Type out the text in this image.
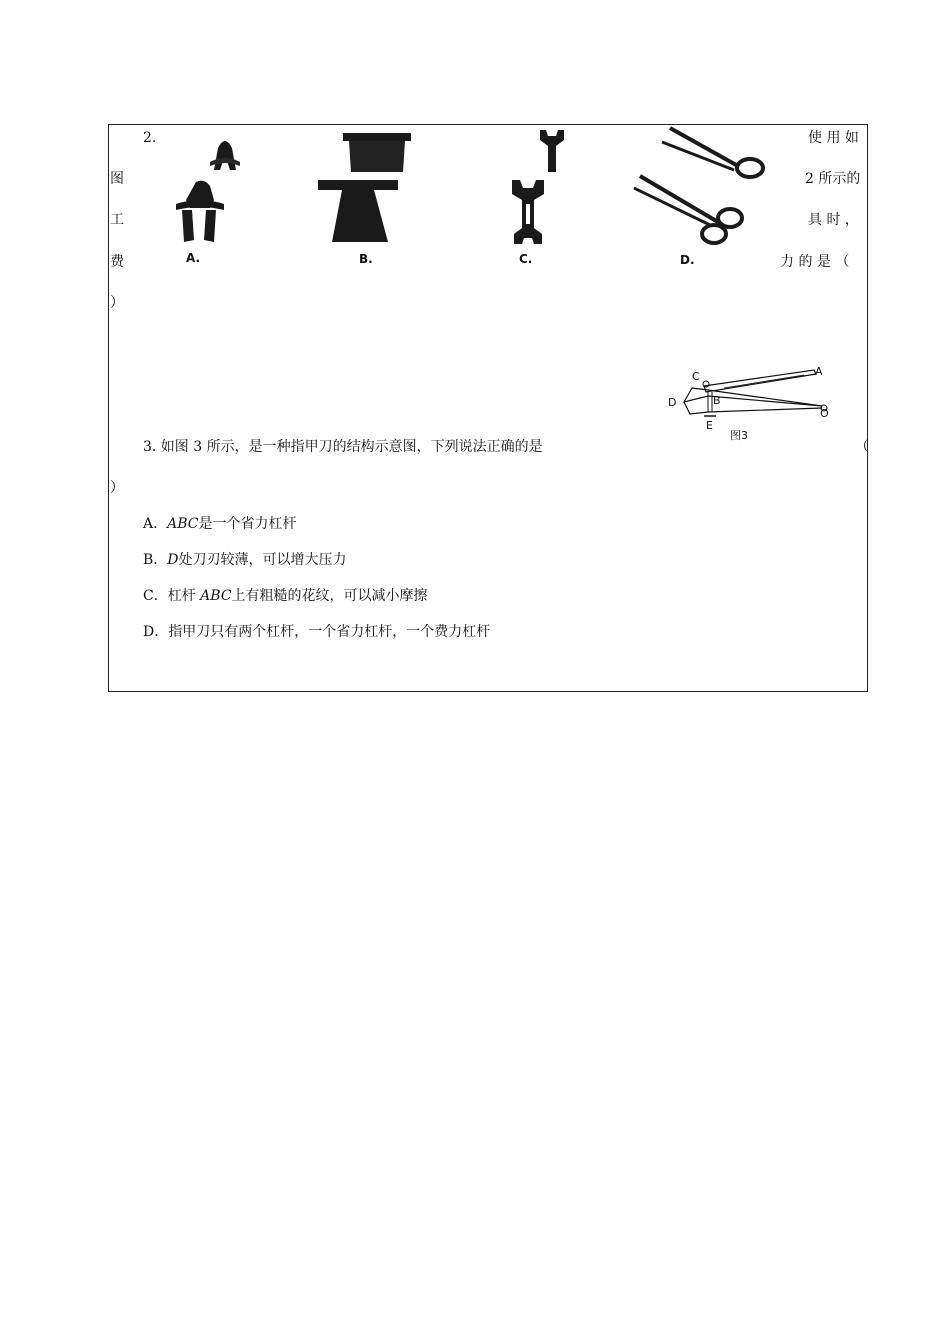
2.
图
工
费
使 用 如
2 所示的
具 时 ，
力 的 是 （
）
A.	B.	C.	D.
C	A
B
D
O
E
图3
3. 如图 3 所示，是一种指甲刀的结构示意图，下列说法正确的是	（
）
A．ABC是一个省力杠杆
B．D处刀刃较薄，可以增大压力
C．杠杆 ABC上有粗糙的花纹，可以减小摩擦
D．指甲刀只有两个杠杆，一个省力杠杆，一个费力杠杆
